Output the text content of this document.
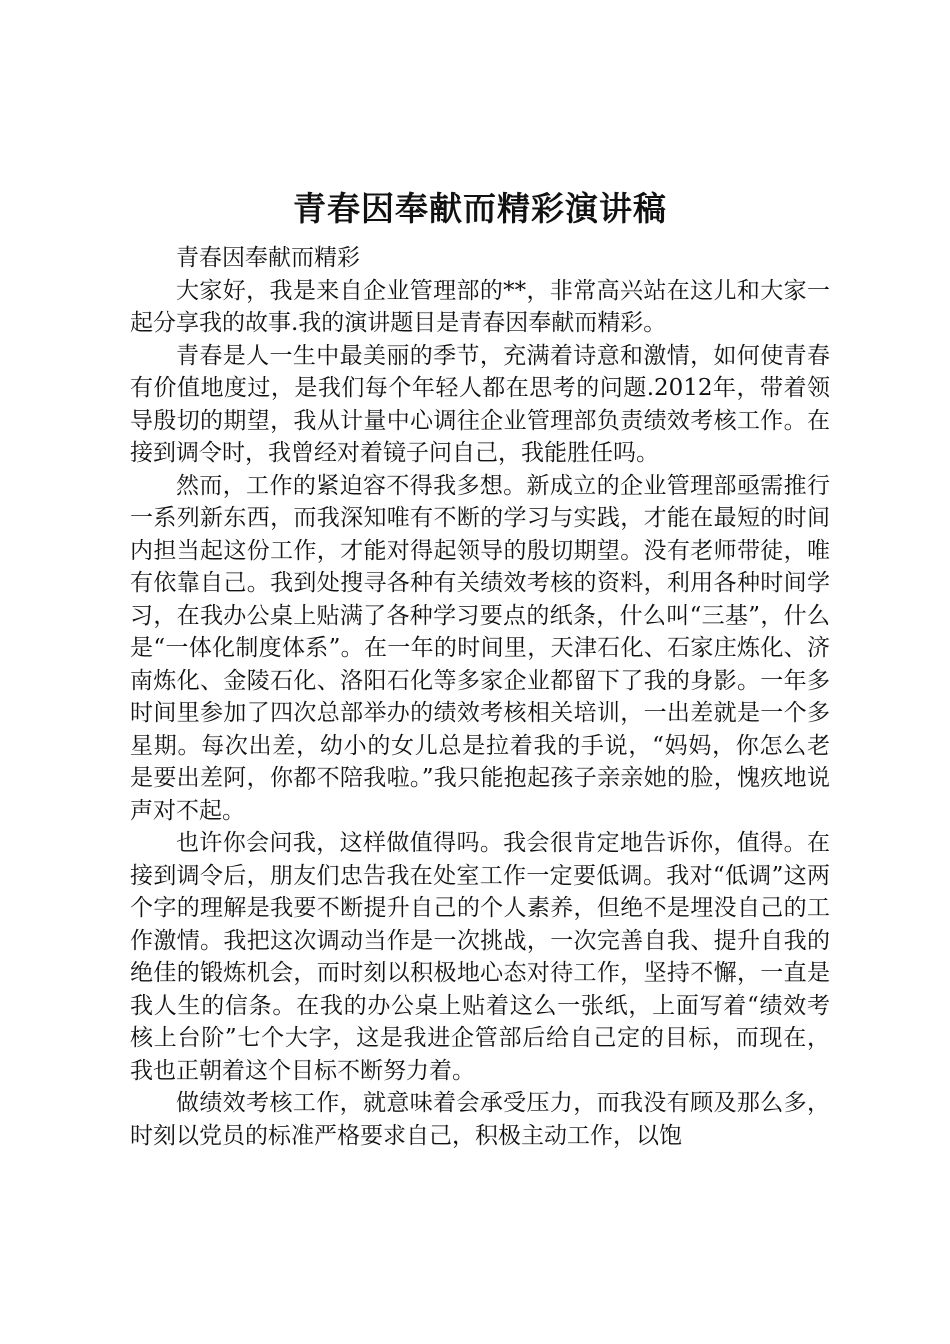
青春因奉献而精彩演讲稿

青春因奉献而精彩

大家好，我是来自企业管理部的**，非常高兴站在这儿和大家一起分享我的故事.我的演讲题目是青春因奉献而精彩。

青春是人一生中最美丽的季节，充满着诗意和激情，如何使青春有价值地度过，是我们每个年轻人都在思考的问题.2012年，带着领导殷切的期望，我从计量中心调往企业管理部负责绩效考核工作。在接到调令时，我曾经对着镜子问自己，我能胜任吗。

然而，工作的紧迫容不得我多想。新成立的企业管理部亟需推行一系列新东西，而我深知唯有不断的学习与实践，才能在最短的时间内担当起这份工作，才能对得起领导的殷切期望。没有老师带徒，唯有依靠自己。我到处搜寻各种有关绩效考核的资料，利用各种时间学习，在我办公桌上贴满了各种学习要点的纸条，什么叫“三基”，什么是“一体化制度体系”。在一年的时间里，天津石化、石家庄炼化、济南炼化、金陵石化、洛阳石化等多家企业都留下了我的身影。一年多时间里参加了四次总部举办的绩效考核相关培训，一出差就是一个多星期。每次出差，幼小的女儿总是拉着我的手说，“妈妈，你怎么老是要出差阿，你都不陪我啦。”我只能抱起孩子亲亲她的脸，愧疚地说声对不起。

也许你会问我，这样做值得吗。我会很肯定地告诉你，值得。在接到调令后，朋友们忠告我在处室工作一定要低调。我对“低调”这两个字的理解是我要不断提升自己的个人素养，但绝不是埋没自己的工作激情。我把这次调动当作是一次挑战，一次完善自我、提升自我的绝佳的锻炼机会，而时刻以积极地心态对待工作，坚持不懈，一直是我人生的信条。在我的办公桌上贴着这么一张纸，上面写着“绩效考核上台阶”七个大字，这是我进企管部后给自己定的目标，而现在，我也正朝着这个目标不断努力着。

做绩效考核工作，就意味着会承受压力，而我没有顾及那么多，时刻以党员的标准严格要求自己，积极主动工作，以饱
